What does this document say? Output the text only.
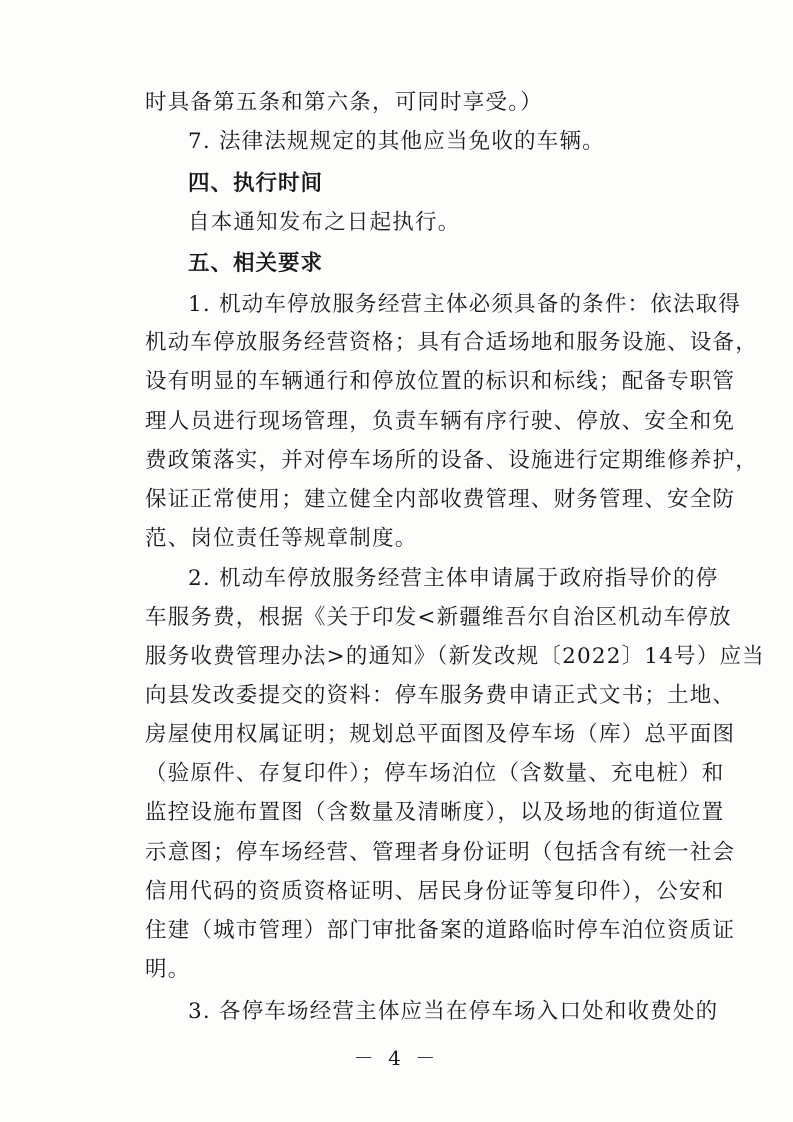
时具备第五条和第六条，可同时享受。）
7. 法律法规规定的其他应当免收的车辆。
四、执行时间
自本通知发布之日起执行。
五、相关要求
1. 机动车停放服务经营主体必须具备的条件：依法取得
机动车停放服务经营资格；具有合适场地和服务设施、设备，
设有明显的车辆通行和停放位置的标识和标线；配备专职管
理人员进行现场管理，负责车辆有序行驶、停放、安全和免
费政策落实，并对停车场所的设备、设施进行定期维修养护，
保证正常使用；建立健全内部收费管理、财务管理、安全防
范、岗位责任等规章制度。
2. 机动车停放服务经营主体申请属于政府指导价的停
车服务费，根据《关于印发<新疆维吾尔自治区机动车停放
服务收费管理办法>的通知》（新发改规〔2022〕14号）应当
向县发改委提交的资料：停车服务费申请正式文书；土地、
房屋使用权属证明；规划总平面图及停车场（库）总平面图
（验原件、存复印件）；停车场泊位（含数量、充电桩）和
监控设施布置图（含数量及清晰度），以及场地的街道位置
示意图；停车场经营、管理者身份证明（包括含有统一社会
信用代码的资质资格证明、居民身份证等复印件），公安和
住建（城市管理）部门审批备案的道路临时停车泊位资质证
明。
3. 各停车场经营主体应当在停车场入口处和收费处的
－ 4 －
